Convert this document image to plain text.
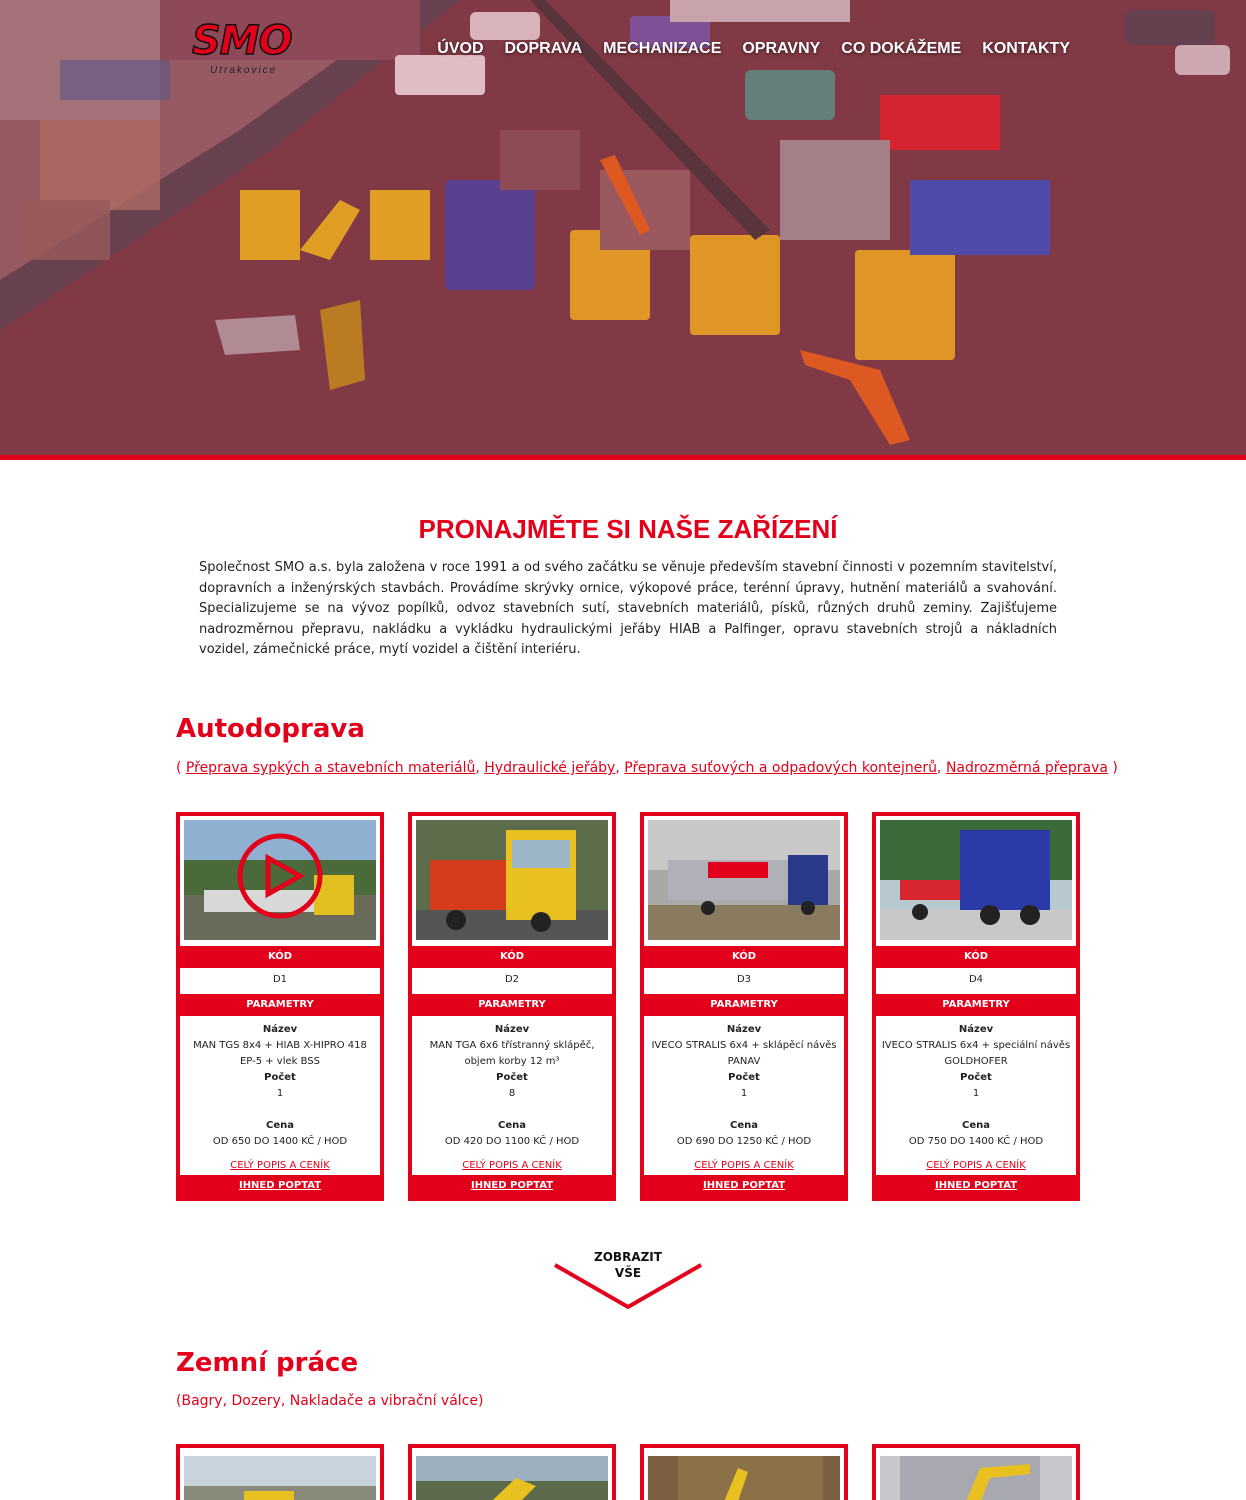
SMO
Utrakovice
ÚVOD DOPRAVA MECHANIZACE OPRAVNY CO DOKÁŽEME KONTAKTY
PRONAJMĚTE SI NAŠE ZAŘÍZENÍ

Společnost SMO a.s. byla založena v roce 1991 a od svého začátku se věnuje především stavební činnosti v pozemním stavitelství, dopravních a inženýrských stavbách. Provádíme skrývky ornice, výkopové práce, terénní úpravy, hutnění materiálů a svahování. Specializujeme se na vývoz popílků, odvoz stavebních sutí, stavebních materiálů, písků, různých druhů zeminy. Zajišťujeme nadrozměrnou přepravu, nakládku a vykládku hydraulickými jeřáby HIAB a Palfinger, opravu stavebních strojů a nákladních vozidel, zámečnické práce, mytí vozidel a čištění interiéru.

Autodoprava
( Přeprava sypkých a stavebních materiálů, Hydraulické jeřáby, Přeprava suťových a odpadových kontejnerů, Nadrozměrná přeprava )
KÓD
D1
PARAMETRY
Název
MAN TGS 8x4 + HIAB X-HIPRO 418 EP-5 + vlek BSS
Počet
1
Cena
OD 650 DO 1400 KČ / HOD
CELÝ POPIS A CENÍK
IHNED POPTAT
KÓD
D2
PARAMETRY
Název
MAN TGA 6x6 třístranný sklápěč, objem korby 12 m³
Počet
8
Cena
OD 420 DO 1100 KČ / HOD
CELÝ POPIS A CENÍK
IHNED POPTAT
KÓD
D3
PARAMETRY
Název
IVECO STRALIS 6x4 + sklápěcí návěs PANAV
Počet
1
Cena
OD 690 DO 1250 KČ / HOD
CELÝ POPIS A CENÍK
IHNED POPTAT
KÓD
D4
PARAMETRY
Název
IVECO STRALIS 6x4 + speciální návěs GOLDHOFER
Počet
1
Cena
OD 750 DO 1400 KČ / HOD
CELÝ POPIS A CENÍK
IHNED POPTAT
ZOBRAZIT
VŠE
Zemní práce
(Bagry, Dozery, Nakladače a vibrační válce)
